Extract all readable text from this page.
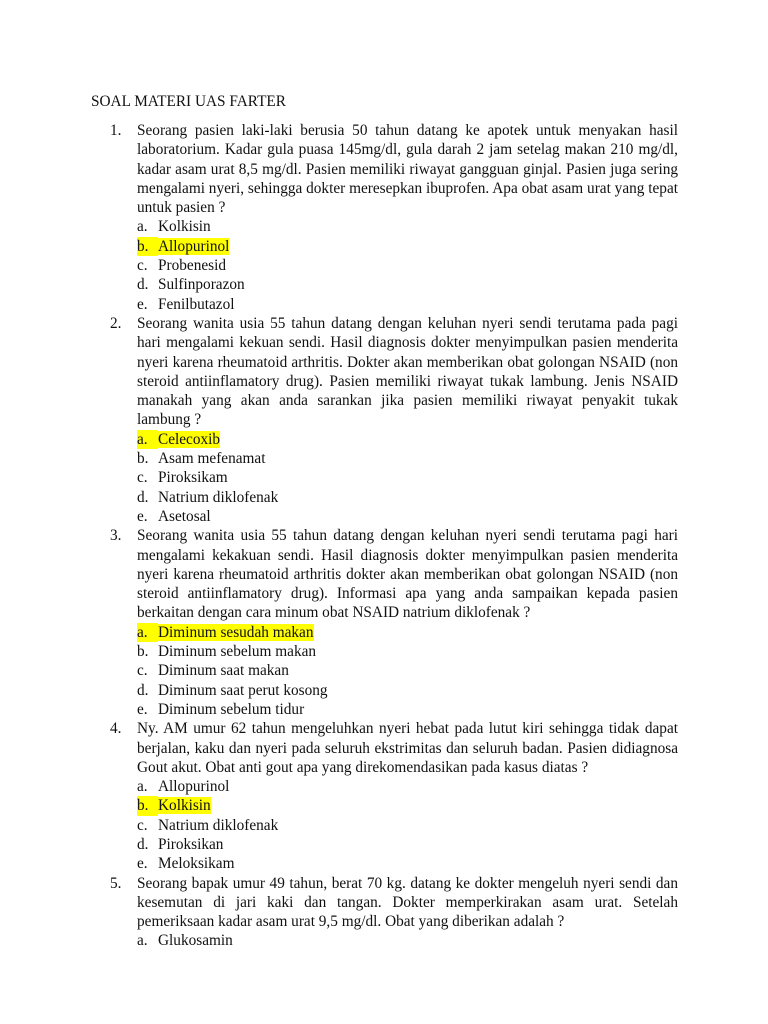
SOAL MATERI UAS FARTER
1. Seorang pasien laki-laki berusia 50 tahun datang ke apotek untuk menyakan hasil laboratorium. Kadar gula puasa 145mg/dl, gula darah 2 jam setelag makan 210 mg/dl, kadar asam urat 8,5 mg/dl. Pasien memiliki riwayat gangguan ginjal. Pasien juga sering mengalami nyeri, sehingga dokter meresepkan ibuprofen. Apa obat asam urat yang tepat untuk pasien ?
a. Kolkisin
b. Allopurinol
c. Probenesid
d. Sulfinporazon
e. Fenilbutazol
2. Seorang wanita usia 55 tahun datang dengan keluhan nyeri sendi terutama pada pagi hari mengalami kekuan sendi. Hasil diagnosis dokter menyimpulkan pasien menderita nyeri karena rheumatoid arthritis. Dokter akan memberikan obat golongan NSAID (non steroid antiinflamatory drug). Pasien memiliki riwayat tukak lambung. Jenis NSAID manakah yang akan anda sarankan jika pasien memiliki riwayat penyakit tukak lambung ?
a. Celecoxib
b. Asam mefenamat
c. Piroksikam
d. Natrium diklofenak
e. Asetosal
3. Seorang wanita usia 55 tahun datang dengan keluhan nyeri sendi terutama pagi hari mengalami kekakuan sendi. Hasil diagnosis dokter menyimpulkan pasien menderita nyeri karena rheumatoid arthritis dokter akan memberikan obat golongan NSAID (non steroid antiinflamatory drug). Informasi apa yang anda sampaikan kepada pasien berkaitan dengan cara minum obat NSAID natrium diklofenak ?
a. Diminum sesudah makan
b. Diminum sebelum makan
c. Diminum saat makan
d. Diminum saat perut kosong
e. Diminum sebelum tidur
4. Ny. AM umur 62 tahun mengeluhkan nyeri hebat pada lutut kiri sehingga tidak dapat berjalan, kaku dan nyeri pada seluruh ekstrimitas dan seluruh badan. Pasien didiagnosa Gout akut. Obat anti gout apa yang direkomendasikan pada kasus diatas ?
a. Allopurinol
b. Kolkisin
c. Natrium diklofenak
d. Piroksikan
e. Meloksikam
5. Seorang bapak umur 49 tahun, berat 70 kg. datang ke dokter mengeluh nyeri sendi dan kesemutan di jari kaki dan tangan. Dokter memperkirakan asam urat. Setelah pemeriksaan kadar asam urat 9,5 mg/dl. Obat yang diberikan adalah ?
a. Glukosamin
